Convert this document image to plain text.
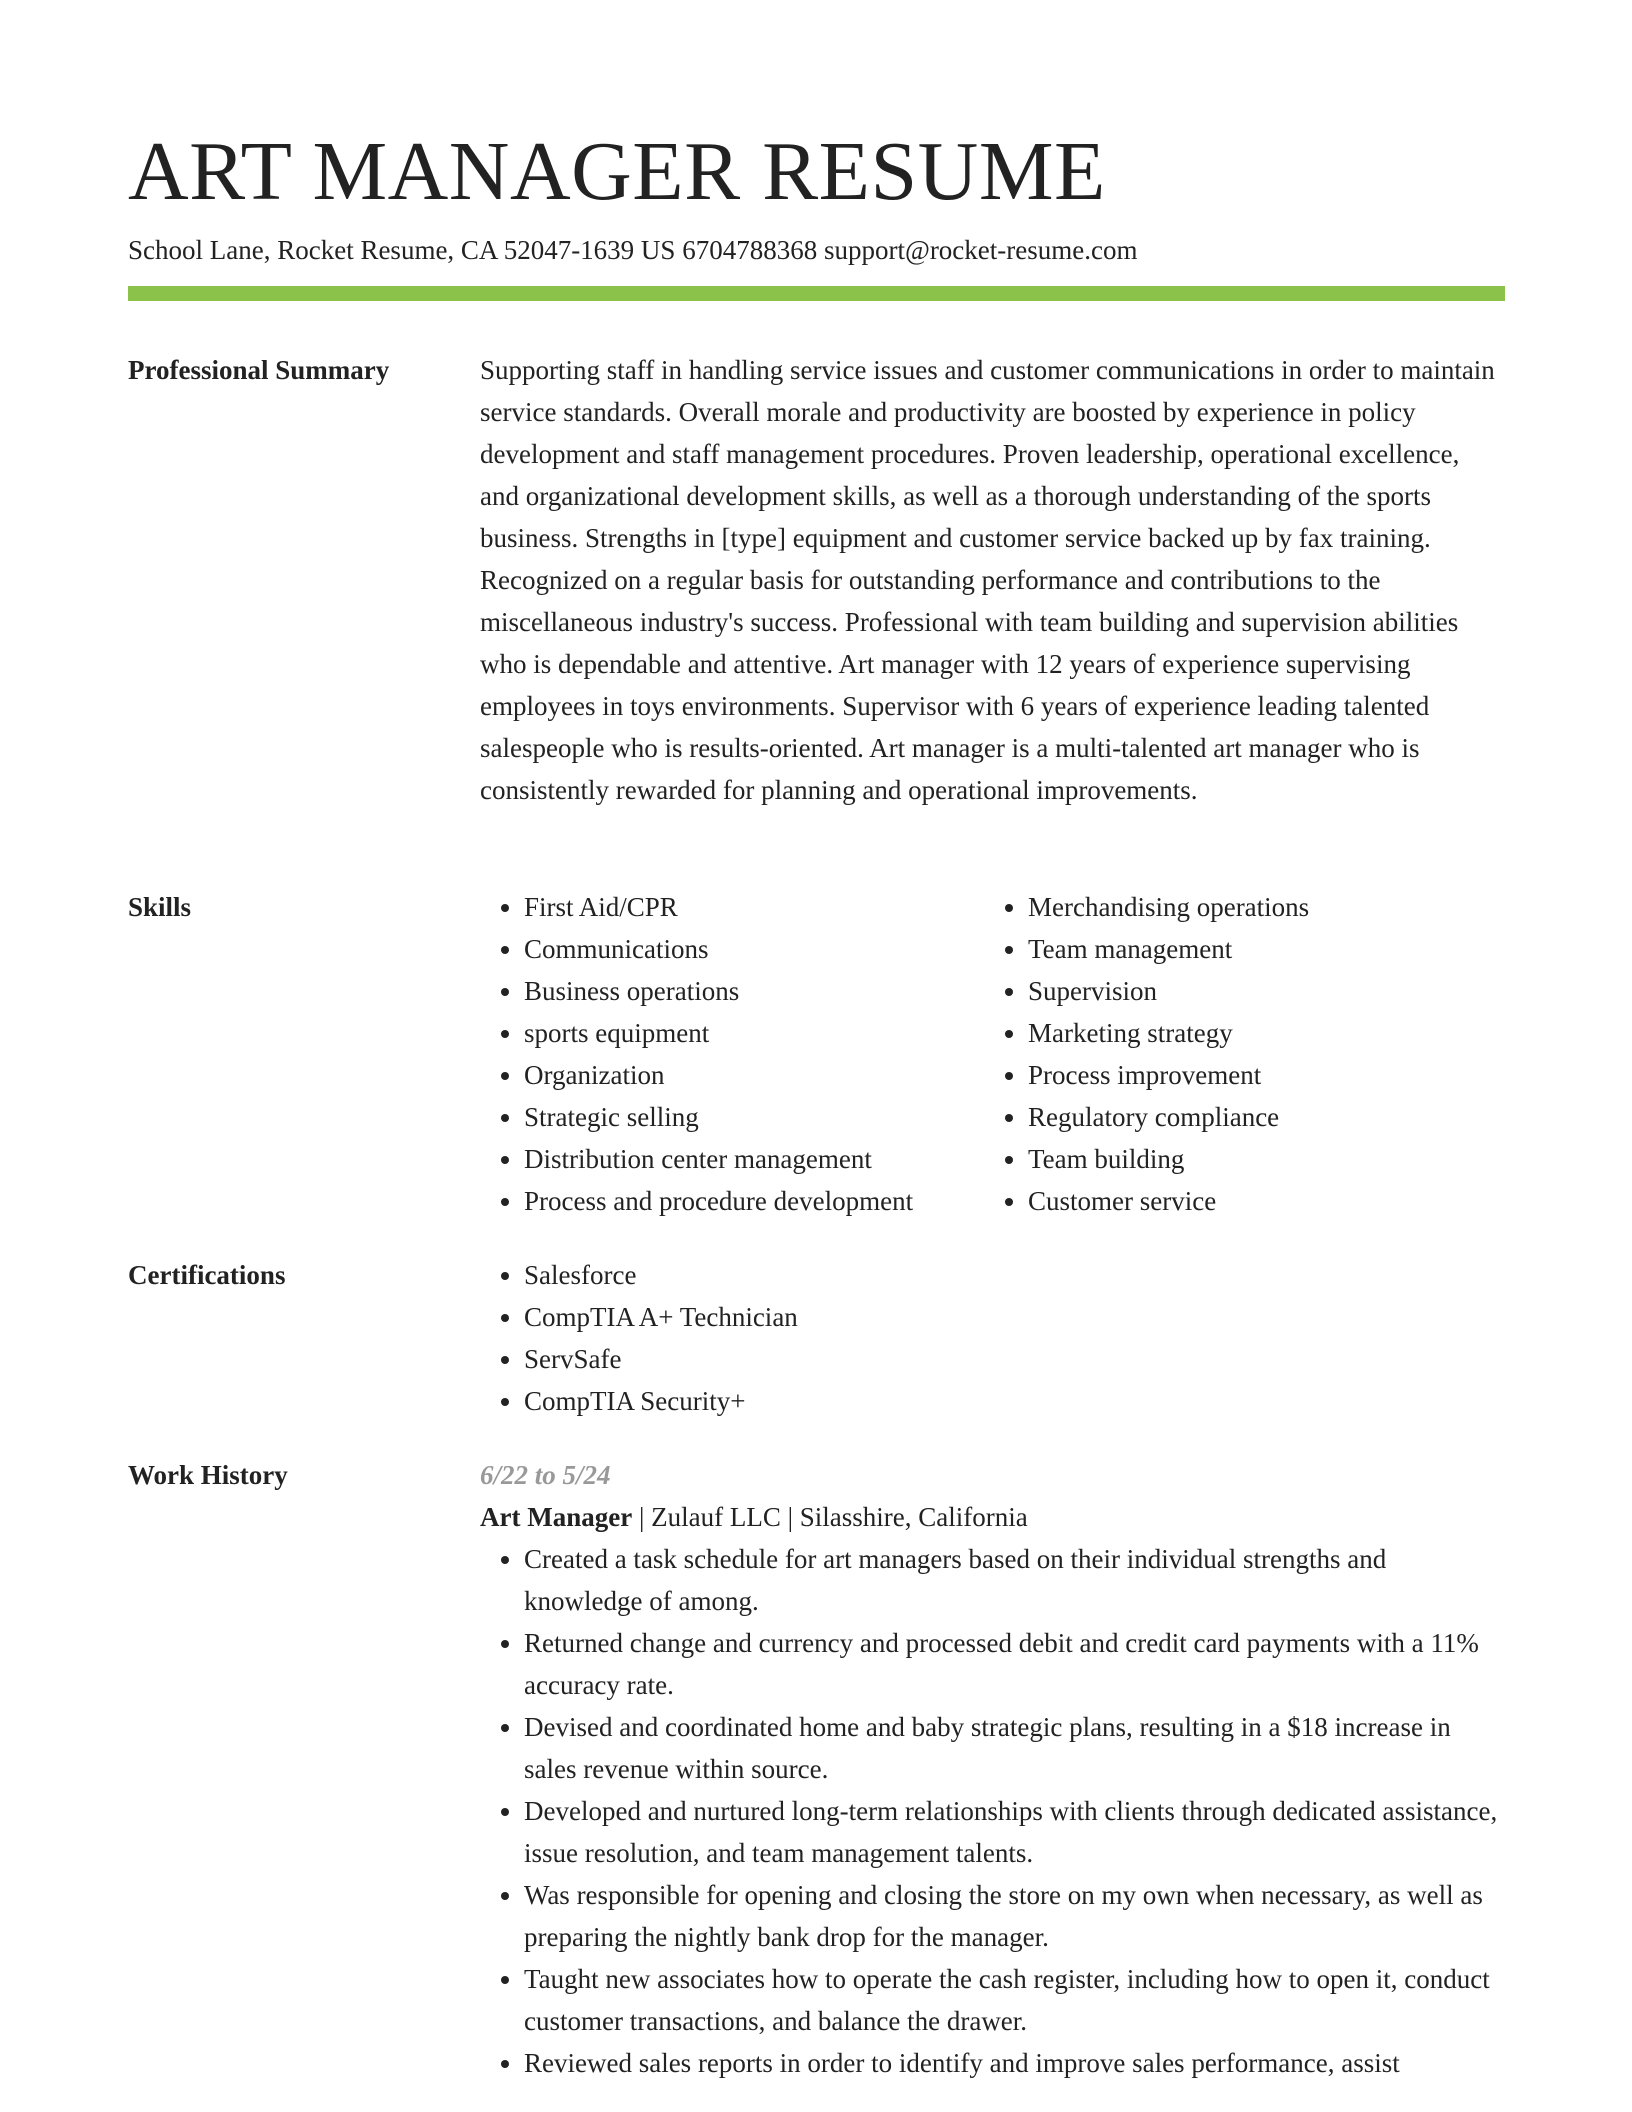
ART MANAGER RESUME
School Lane, Rocket Resume, CA 52047-1639 US 6704788368 support@rocket-resume.com
Professional Summary	Supporting staff in handling service issues and customer communications in order to maintain service standards. Overall morale and productivity are boosted by experience in policy development and staff management procedures. Proven leadership, operational excellence, and organizational development skills, as well as a thorough understanding of the sports business. Strengths in [type] equipment and customer service backed up by fax training. Recognized on a regular basis for outstanding performance and contributions to the miscellaneous industry's success. Professional with team building and supervision abilities who is dependable and attentive. Art manager with 12 years of experience supervising employees in toys environments. Supervisor with 6 years of experience leading talented salespeople who is results-oriented. Art manager is a multi-talented art manager who is consistently rewarded for planning and operational improvements.

Skills	• First Aid/CPR
• Communications
• Business operations
• sports equipment
• Organization
• Strategic selling
• Distribution center management
• Process and procedure development
• Merchandising operations
• Team management
• Supervision
• Marketing strategy
• Process improvement
• Regulatory compliance
• Team building
• Customer service
Certifications	• Salesforce
• CompTIA A+ Technician
• ServSafe
• CompTIA Security+
Work History	6/22 to 5/24
Art Manager | Zulauf LLC | Silasshire, California
• Created a task schedule for art managers based on their individual strengths and knowledge of among.
• Returned change and currency and processed debit and credit card payments with a 11% accuracy rate.
• Devised and coordinated home and baby strategic plans, resulting in a $18 increase in sales revenue within source.
• Developed and nurtured long-term relationships with clients through dedicated assistance, issue resolution, and team management talents.
• Was responsible for opening and closing the store on my own when necessary, as well as preparing the nightly bank drop for the manager.
• Taught new associates how to operate the cash register, including how to open it, conduct customer transactions, and balance the drawer.
• Reviewed sales reports in order to identify and improve sales performance, assist
